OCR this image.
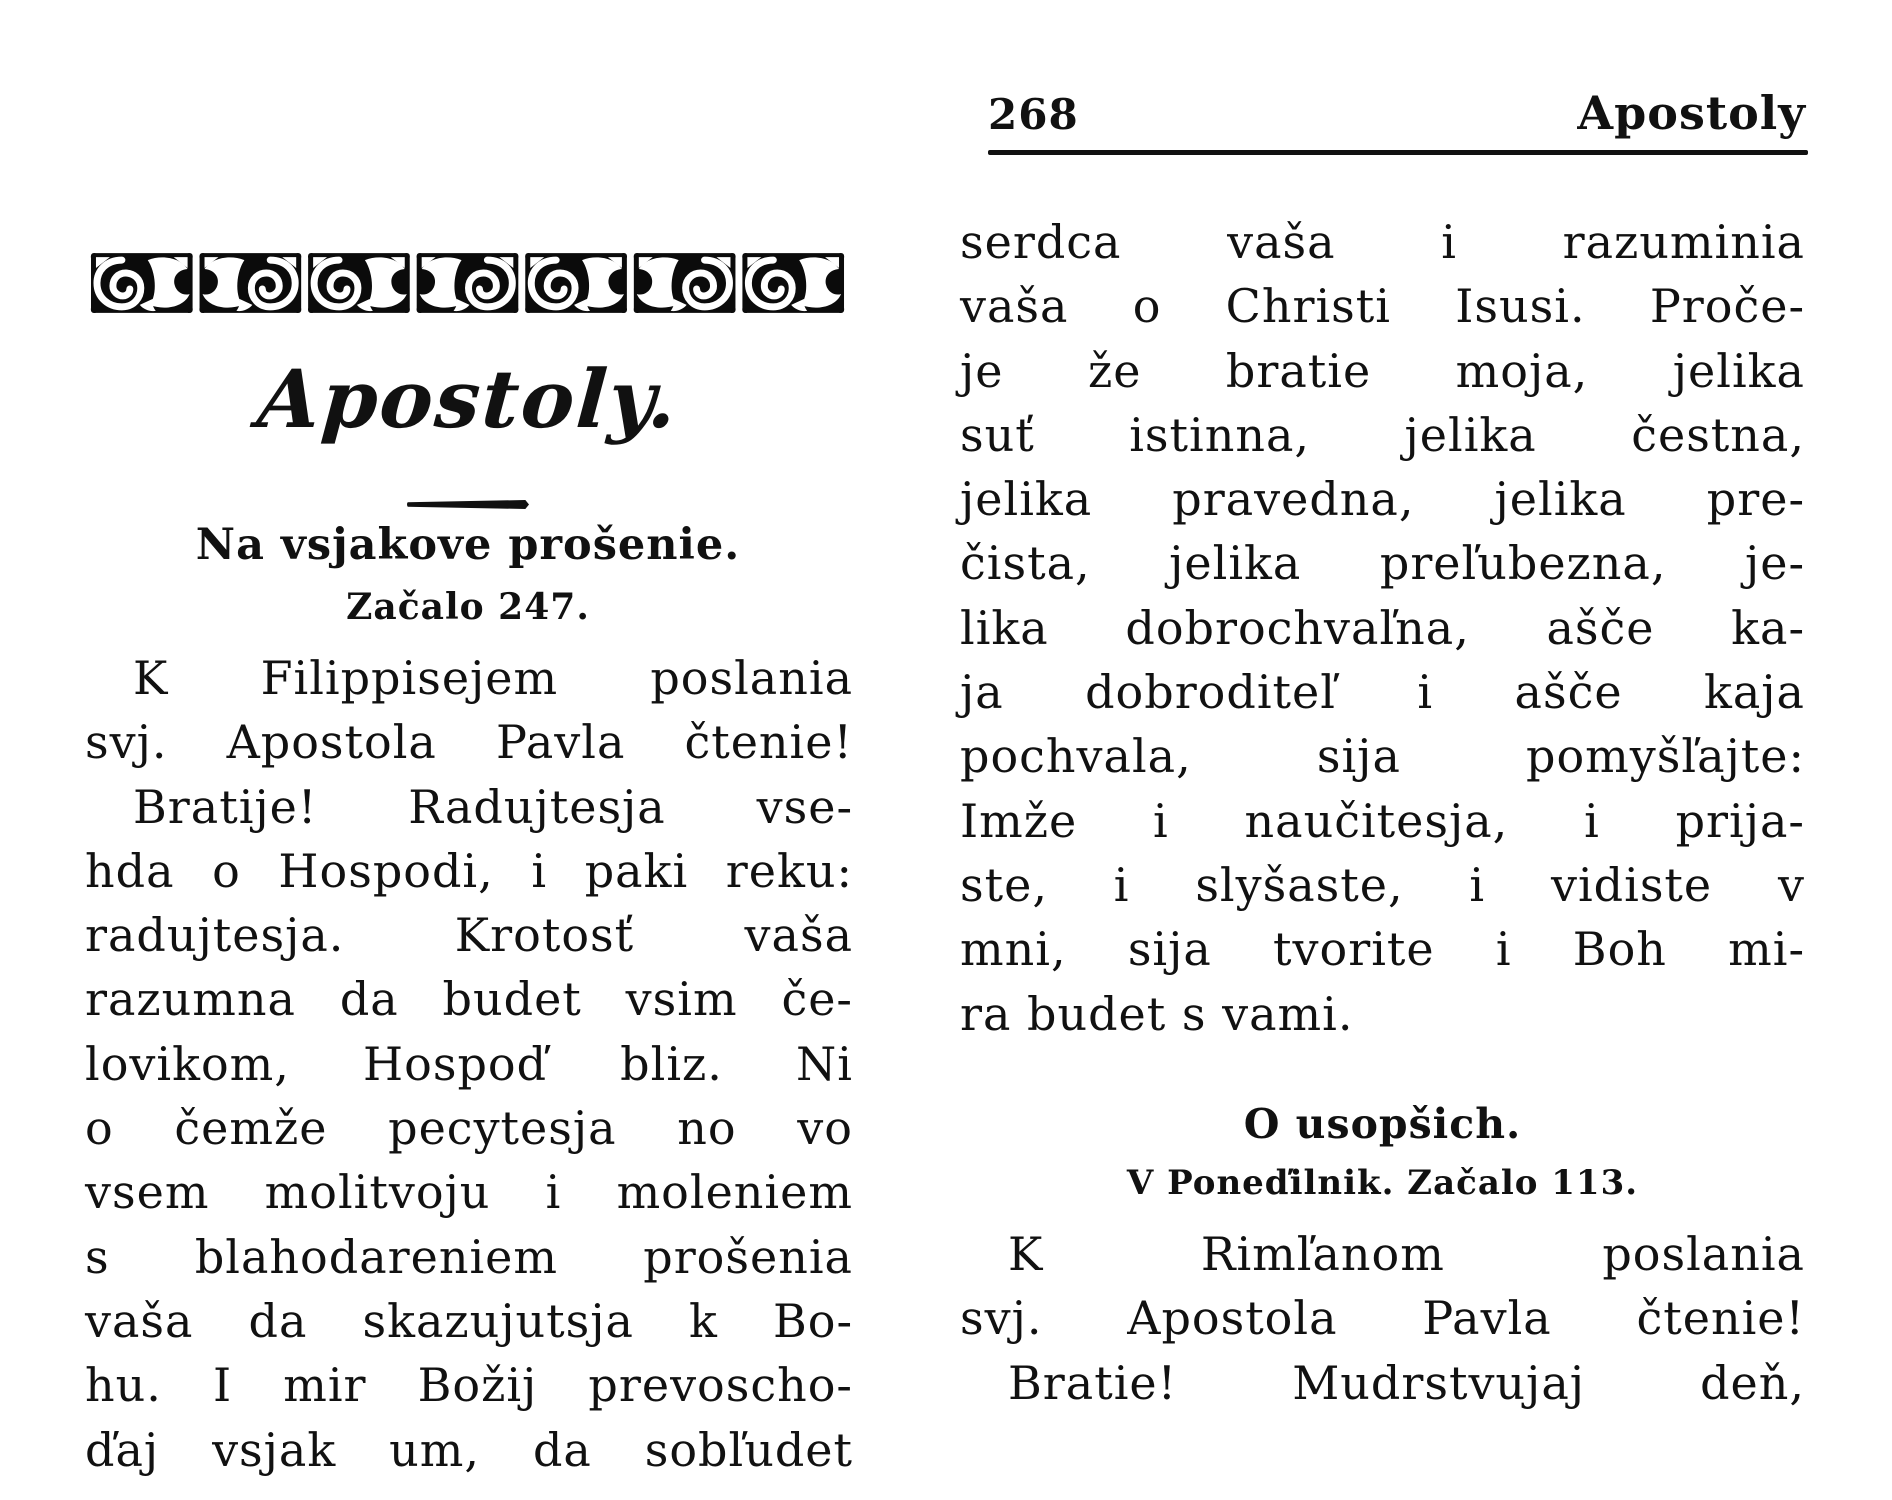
268	Apostoly
Apostoly.
Na vsjakove prošenie.
Začalo 247.
K Filippisejem poslania
svj. Apostola Pavla čtenie!
Bratije! Radujtesja vse-
hda o Hospodi, i paki reku:
radujtesja. Krotosť vaša
razumna da budet vsim če-
lovikom, Hospoď bliz. Ni
o čemže pecytesja no vo
vsem molitvoju i moleniem
s blahodareniem prošenia
vaša da skazujutsja k Bo-
hu. I mir Božij prevoscho-
ďaj vsjak um, da sobľudet
serdca vaša i razuminia
vaša o Christi Isusi. Proče-
je že bratie moja, jelika
suť istinna, jelika čestna,
jelika pravedna, jelika pre-
čista, jelika preľubezna, je-
lika dobrochvaľna, ašče ka-
ja dobroditeľ i ašče kaja
pochvala,	sija	pomyšľajte:
Imže i naučitesja, i prija-
ste, i slyšaste, i vidiste v
mni, sija tvorite i Boh mi-
ra budet s vami.
O usopšich.
V Poneďilnik. Začalo 113.
K	Rimľanom	poslania
svj. Apostola Pavla čtenie!
Bratie!	Mudrstvujaj	deň,
